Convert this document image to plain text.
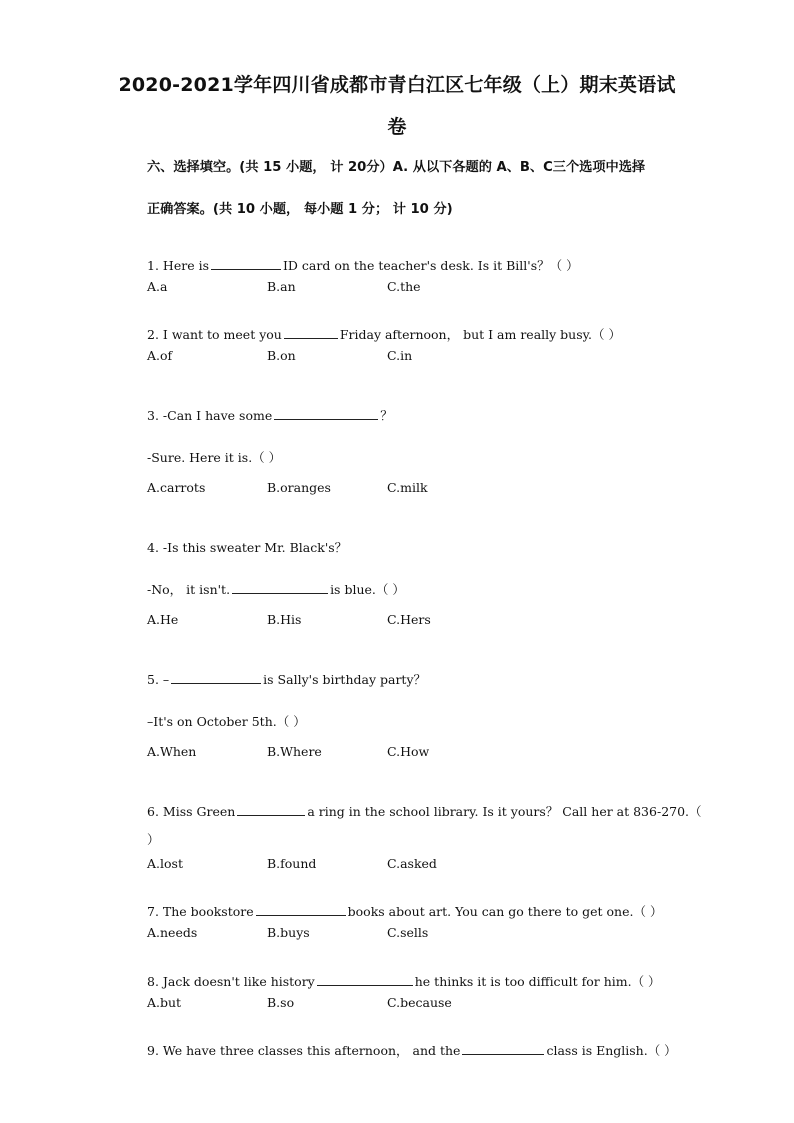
2020-2021学年四川省成都市青白江区七年级（上）期末英语试
卷
六、选择填空。(共 15 小题， 计 20分）A. 从以下各题的 A、B、C三个选项中选择
正确答案。(共 10 小题， 每小题 1 分； 计 10 分)
1. Here is	ID card on the teacher's desk. Is it Bill's？（ ）
A.a	B.an	C.the
2. I want to meet you	Friday afternoon， but I am really busy.（ ）
A.of	B.on	C.in
3. -Can I have some	？
-Sure. Here it is.（ ）
A.carrots	B.oranges	C.milk
4. -Is this sweater Mr. Black's？
-No， it isn't.	is blue.（ ）
A.He	B.His	C.Hers
5. –	is Sally's birthday party？
–It's on October 5th.（ ）
A.When	B.Where	C.How
6. Miss Green	a ring in the school library. Is it yours？ Call her at 836-270.（
）
A.lost	B.found	C.asked
7. The bookstore	books about art. You can go there to get one.（ ）
A.needs	B.buys	C.sells
8. Jack doesn't like history	he thinks it is too difficult for him.（ ）
A.but	B.so	C.because
9. We have three classes this afternoon， and the	class is English.（ ）
